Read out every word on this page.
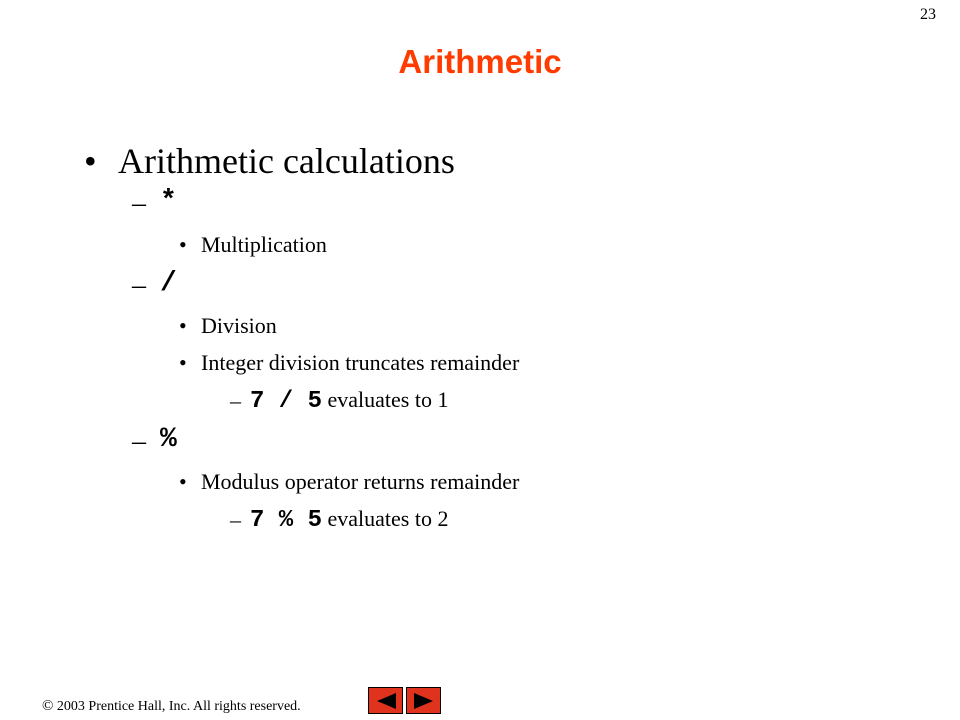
23
Arithmetic
• Arithmetic calculations
– *
• Multiplication
– /
• Division
• Integer division truncates remainder
– 7 / 5 evaluates to 1
– %
• Modulus operator returns remainder
– 7 % 5 evaluates to 2
© 2003 Prentice Hall, Inc. All rights reserved.
